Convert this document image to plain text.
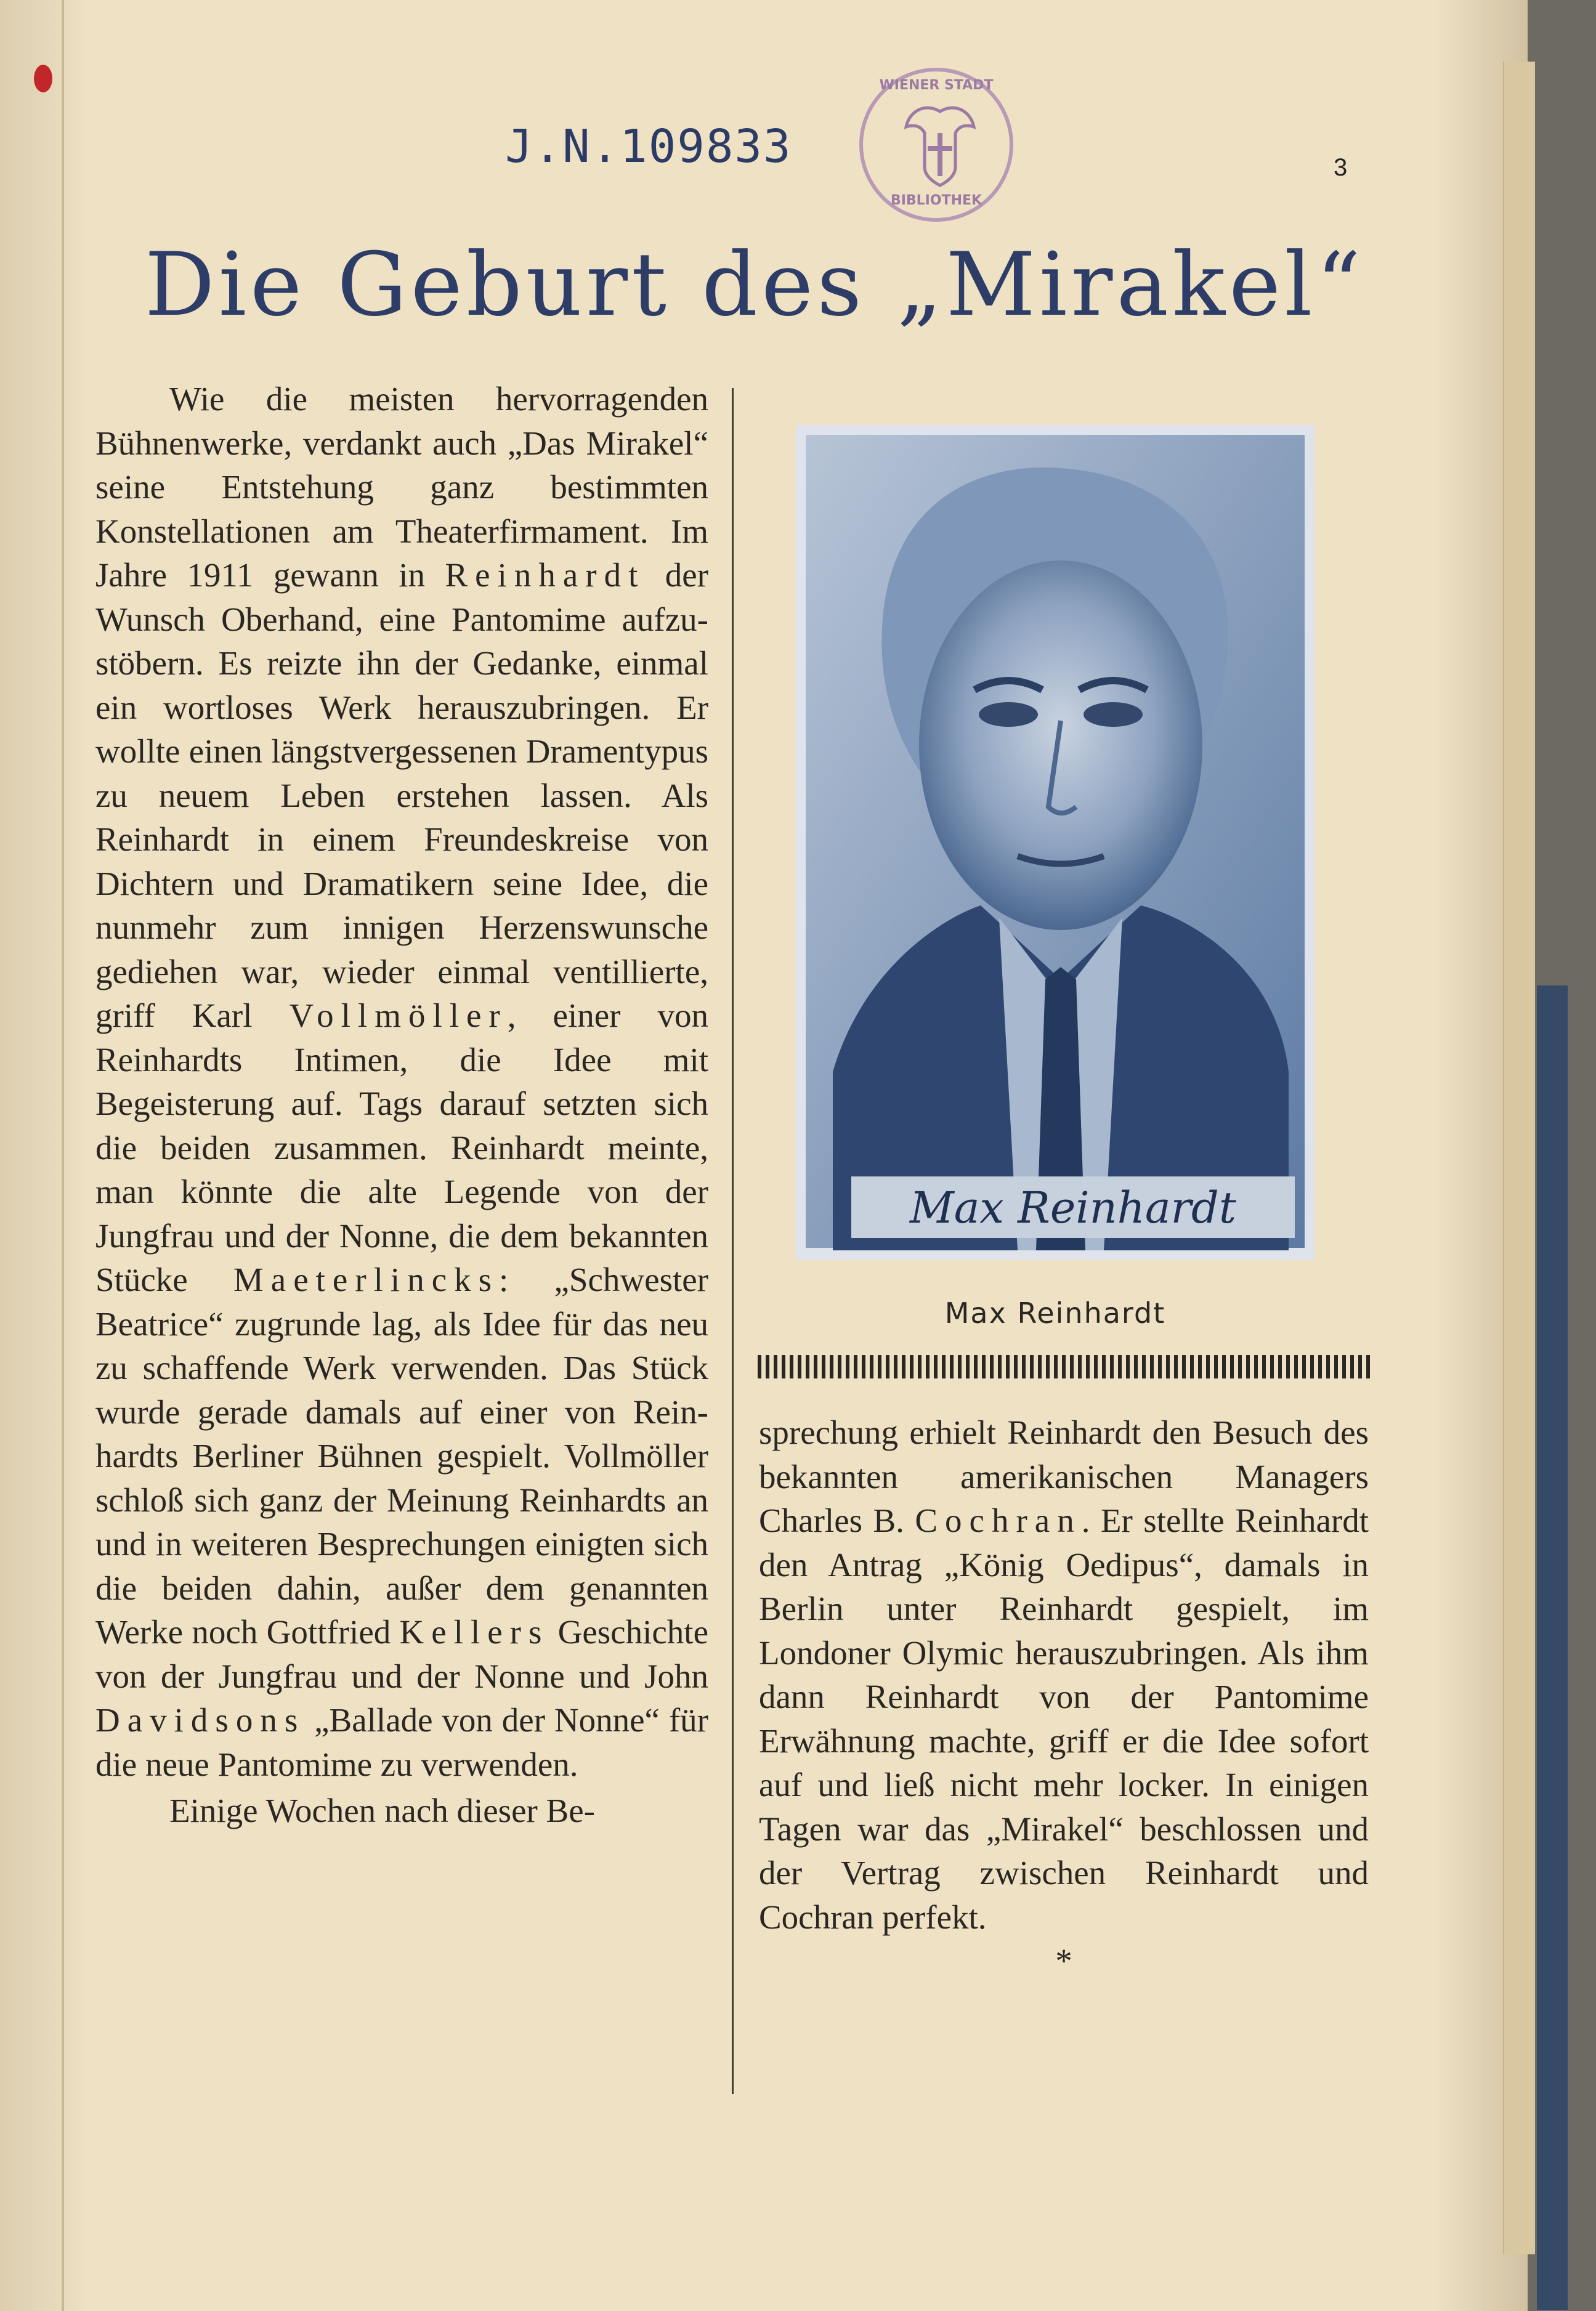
J.N.109833
WIENER STADT
BIBLIOTHEK
3
Die Geburt des „Mirakel“

Wie die meisten hervorragenden Bühnenwerke, verdankt auch „Das Mirakel“ seine Entstehung ganz bestimmten Konstellationen am Theaterfirmament. Im Jahre 1911 gewann in Reinhardt der Wunsch Oberhand, eine Pantomime aufzustöbern. Es reizte ihn der Gedanke, einmal ein wortloses Werk herauszubringen. Er wollte einen längstvergessenen Dramentypus zu neuem Leben erstehen lassen. Als Reinhardt in einem Freundeskreise von Dichtern und Dramatikern seine Idee, die nunmehr zum innigen Herzenswunsche gediehen war, wieder einmal ventillierte, griff Karl Vollmöller, einer von Reinhardts Intimen, die Idee mit Begeisterung auf. Tags darauf setzten sich die beiden zusammen. Reinhardt meinte, man könnte die alte Legende von der Jungfrau und der Nonne, die dem bekannten Stücke Maeterlincks: „Schwester Beatrice“ zugrunde lag, als Idee für das neu zu schaffende Werk verwenden. Das Stück wurde gerade damals auf einer von Reinhardts Berliner Bühnen gespielt. Vollmöller schloß sich ganz der Meinung Reinhardts an und in weiteren Besprechungen einigten sich die beiden dahin, außer dem genannten Werke noch Gottfried Kellers Geschichte von der Jungfrau und der Nonne und John Davidsons „Ballade von der Nonne“ für die neue Pantomime zu verwenden.

Einige Wochen nach dieser Be-

Max Reinhardt
Max Reinhardt

sprechung erhielt Reinhardt den Besuch des bekannten amerikanischen Managers Charles B. Cochran. Er stellte Reinhardt den Antrag „König Oedipus“, damals in Berlin unter Reinhardt gespielt, im Londoner Olymic herauszubringen. Als ihm dann Reinhardt von der Pantomime Erwähnung machte, griff er die Idee sofort auf und ließ nicht mehr locker. In einigen Tagen war das „Mirakel“ beschlossen und der Vertrag zwischen Reinhardt und Cochran perfekt.

*
